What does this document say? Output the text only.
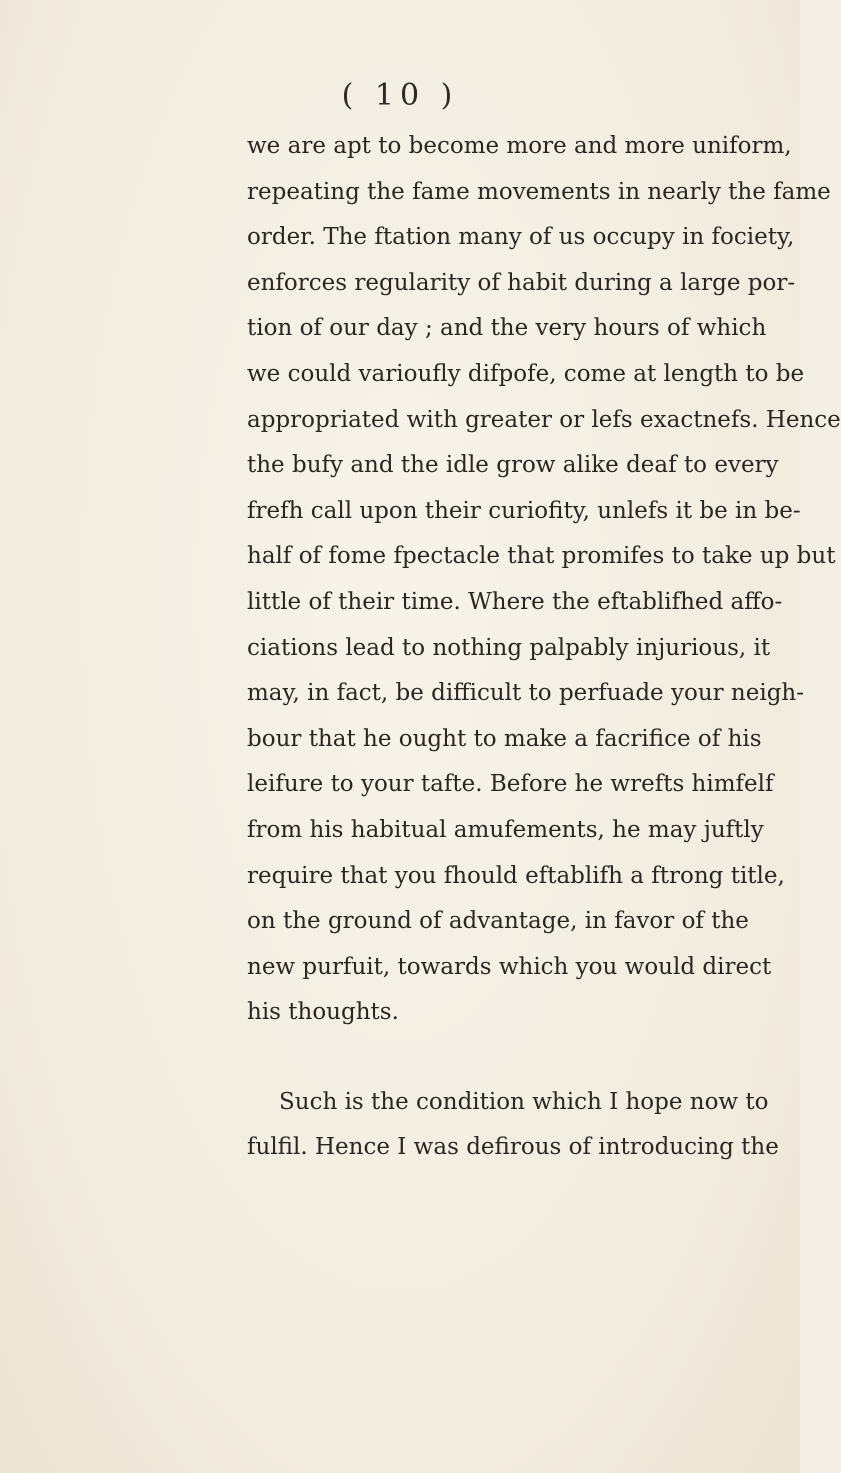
( 10 )
we are apt to become more and more uniform,
repeating the fame movements in nearly the fame
order. The ftation many of us occupy in fociety,
enforces regularity of habit during a large por-
tion of our day ; and the very hours of which
we could varioufly difpofe, come at length to be
appropriated with greater or lefs exactnefs. Hence
the bufy and the idle grow alike deaf to every
frefh call upon their curiofity, unlefs it be in be-
half of fome fpectacle that promifes to take up but
little of their time. Where the eftablifhed affo-
ciations lead to nothing palpably injurious, it
may, in fact, be difficult to perfuade your neigh-
bour that he ought to make a facrifice of his
leifure to your tafte. Before he wrefts himfelf
from his habitual amufements, he may juftly
require that you fhould eftablifh a ftrong title,
on the ground of advantage, in favor of the
new purfuit, towards which you would direct
his thoughts.
Such is the condition which I hope now to
fulfil. Hence I was defirous of introducing the
